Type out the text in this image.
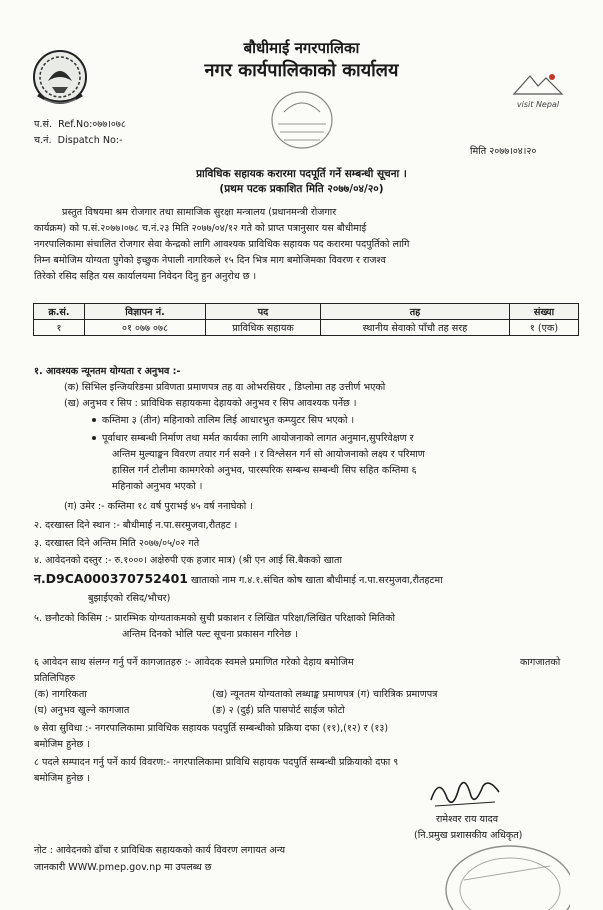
बौधीमाई नगरपालिका
नगर कार्यपालिकाको कार्यालय
visit Nepal
प.सं. Ref.No:०७७।०७८
च.नं. Dispatch No:-
मिति २०७७।०४।२०
प्राविधिक सहायक करारमा पदपूर्ति गर्ने सम्बन्धी सूचना ।
(प्रथम पटक प्रकाशित मिति २०७७/०४/२०)
प्रस्तुत विषयमा श्रम रोजगार तथा सामाजिक सुरक्षा मन्त्रालय (प्रधानमन्त्री रोजगार
कार्यक्रम) को प.सं.२०७७।०७८ च.नं.२३ मिति २०७७/०४/१२ गते को प्राप्त पत्रानुसार यस बौधीमाई
नगरपालिकामा संचालित रोजगार सेवा केन्द्रको लागि आवश्यक प्राविधिक सहायक पद करारमा पदपुर्तिको लागि
निम्न बमोजिम योग्यता पुगेको इच्छुक नेपाली नागरिकले १५ दिन भित्र माग बमोजिमका विवरण र राजश्व
तिरेको रसिद सहित यस कार्यालयमा निवेदन दिनु हुन अनुरोध छ ।
क्र.सं.	विज्ञापन नं.	पद	तह	संख्या
१	०१ ०७७ ०७८	प्राविधिक सहायक	स्थानीय सेवाको पाँचौ तह सरह	१ (एक)
१. आवश्यक न्यूनतम योग्यता र अनुभव :-
(क) सिभिल इन्जियरिङमा प्रविणता प्रमाणपत्र तह वा ओभरसियर , डिप्लोमा तह उत्तीर्ण भएको
(ख) अनुभव र सिप : प्राविधिक सहायकमा देहायको अनुभव र सिप आवश्यक पर्नेछ ।
कम्तिमा ३ (तीन) महिनाको तालिम लिई आधारभुत कम्प्युटर सिप भएको ।
पूर्वाधार सम्बन्धी निर्माण तथा मर्मत कार्यका लागि आयोजनाको लागत अनुमान,सुपरिवेक्षण र
अन्तिम मुल्याङ्कन विवरण तयार गर्न सक्ने । र विश्लेसन गर्न सो आयोजनाको लक्ष्य र परिमाण
हासिल गर्न टोलीमा कामगरेको अनुभव, पारस्परिक सम्बन्ध सम्बन्धी सिप सहित कम्तिमा ६
महिनाको अनुभव भएको ।
(ग) उमेर :- कम्तिमा १८ वर्ष पुराभई ४५ वर्ष ननाघेको ।
२. दरखास्त दिने स्थान :- बौधीमाई न.पा.सरमुजवा,रौतहट ।
३. दरखास्त दिने अन्तिम मिति २०७७/०५/०२ गते
४. आवेदनको दस्तुर :- रु.१०००। अक्षेरुपी एक हजार मात्र) (श्री एन आई सि.बैकको खाता
न.D9CA000370752401 खाताको नाम ग.४.१.संचित कोष खाता बौधीमाई न.पा.सरमुजवा,रौतहटमा
बुझाईएको रसिद/भौचर)
५. छनौटको किसिम :- प्रारम्भिक योग्यताकमको सुची प्रकाशन र लिखित परिक्षा/लिखित परिक्षाको मितिको
अन्तिम दिनको भोलि पल्ट सूचना प्रकासन गरिनेछ ।
६ आवेदन साथ संलग्न गर्नु पर्ने कागजातहरु :- आवेदक स्वमले प्रमाणित गरेको देहाय बमोजिम	कागजातको
प्रतिलिपिहरु
(क) नागरिकता	(ख) न्यूनतम योग्यताको लब्धाङ्क प्रमाणपत्र (ग) चारित्रिक प्रमाणपत्र
(घ) अनुभव खुल्ने कागजात	(ङ) २ (दुई) प्रति पासपोर्ट साईज फोटो
७ सेवा सुविधा :- नगरपालिकामा प्राविधिक सहायक पदपुर्ति सम्बन्धीको प्रक्रिया दफा (११),(१२) र (१३)
बमोजिम हुनेछ ।
८ पदले सम्पादन गर्नु पर्ने कार्य विवरण:- नगरपालिकामा प्राविधि सहायक पदपुर्ति सम्बन्धी प्रक्रियाको दफा ९
बमोजिम हुनेछ ।
रामेश्वर राय यादव
(नि.प्रमुख प्रशासकीय अधिकृत)
नोट : आवेदनको ढाँचा र प्राविधिक सहायकको कार्य विवरण लगायत अन्य
जानकारी WWW.pmep.gov.np मा उपलब्ध छ
